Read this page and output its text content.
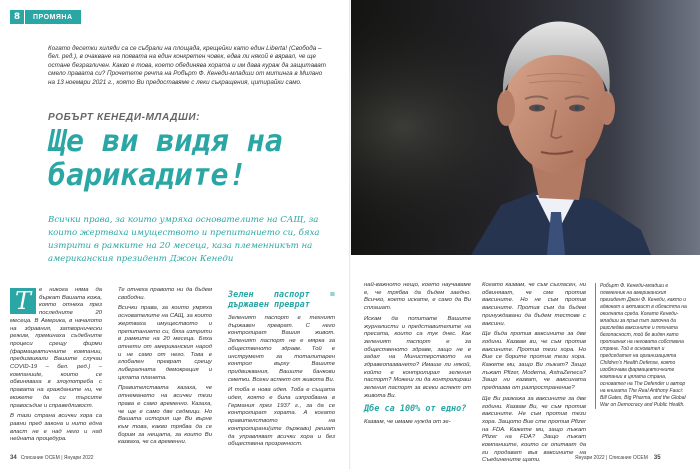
8	ПРОМЯНА

Когато десетки хиляди са се събрали на площада, крещейки като един Liberta! (Свобода – бел. ред.), в очакване на появата на един конкретен човек, едва ли някой е вярвал, че ще остане безразличен. Какво е това, което обединява хората и им дава кураж да защитават смело правата си? Прочетете речта на Робърт Ф. Кенеди-младши от митинга в Милано на 13 ноември 2021 г., която Ви предоставяме с леки съкращения, цитирайки само.

РОБЪРТ КЕНЕДИ-МЛАДШИ:
Ще ви видя на барикадите!

Всички права, за които умряха основателите на САЩ, за които жертваха имуществото и препитанието си, бяха изтрити в рамките на 20 месеца, каза племенникът на американския президент Джон Кенеди

Т	е никога няма да бъркат Вашата кожа, която отнеха през последните 20 месеца. В Америка, в началото на здравния, затворнически режим, преминаха съдебните процеси срещу фирми (фармацевтичните компании, предизвикали Вашите случаи COVID-19 – бел. ред.) – компанииte, които се обвиняваха в злоупотреба с правата на гражданите ни, че можете да си търсите правосъдие и справедливост.

В тази страна всички хора са равни пред закона и нито една власт не е над него и над нейната процедура.

Те отнеха правото ни да бъдем свободни.

Всички права, за които умряха основателите на САЩ, за които жертваха имуществото и препитанието си, бяха изтрити в рамките на 20 месеца. Бяха отнети от американския народ и не само от него. Това е глобален прeвpат срещу либералната демокрация и цялата планета.

Правителствата казаха, че отнемането на всички тези права е само временно. Казаха, че ще е само две седмици. Но Вашата история ще Ви върне към това, какво трябва да се борим за нещата, за които Ви казваха, че са временни.

Зелен паспорт = държавен прeврат

Зеленият паспорт е техният държавен прeврат. С него контролират Вашия живот. Зеленият паспорт не е мярка за общественото здраве. Той е инструмент за тоталитарен контрол върху Вашите придвижвания, Вашите банкови сметки. Всеки аспект от живота Ви.

И тоба е нова идея. Тоба е същата идея, която е била изпробвана в Германия през 1937 г., за да се контролират хората. А когато правителството на контролирани(ите държави) решат да управляват всички хора и без обществена прозрачност.

34 Списание ОСЕМ | Януари 2022

най-важното нещо, което научаваме е, че трябва да бъдем заедно. Всичко, което искате, е само да Ви сплашат.

Искам да попитате Вашите журналисти и представителите на пресата, които са тук днес. Как зеленият паспорт е за общественото здраве, защо не е задал на Министерството на здравеопазването? Имаше ли някой, който е контролирал зeления паспорт? Можеш ли да контролираш зеления паспорт за всеки аспект от живота Ви.

Дбе са 100% от едно?

Казвам, че имаме нужда от зе-

Когато казвам, че съм съгласен, ни обвиняват, че сме против ваксините. Но не съм против ваксините. Против съм да бъдем принуждавани да бъдем тестове с ваксини.

Ще бъда против ваксините за две години. Казвам ви, че съм против ваксините. Против тези хора. Но Вие се борите против тези хора. Кажете ми, защо Ви лъжат? Защо лъжат Pfizer, Moderna, AstraZeneca? Защо ни казват, че ваксината предпазва от разпространение?

Ще Ви разкажа за ваксините за две години. Казвам Ви, че съм против ваксините. Не съм против тези хора. Защото Вие сте против Pfizer на FDA. Кажете ми, защо лъжат Pfizer на FDA? Защо лъжат компаниите, които се опитват да ги продават във ваксините на Съединените щати.

Робърт Ф. Кенеди-младши е племенник на американския президент Джон Ф. Кенеди, както и адвокат и активист в областта на околната среда. Когато Кенеди-младши за пръв път започна да разследва ваксините и тяхната безопасност, той бе видян като противник на неговата собствена страна. Той е основател и председател на организацията Children's Health Defense, която изобличава фармацевтичните компании в цялата страна, основател на The Defender и автор на книгата The Real Anthony Fauci: Bill Gates, Big Pharma, and the Global War on Democracy and Public Health.

Януари 2022 | Списание ОСЕМ 35
